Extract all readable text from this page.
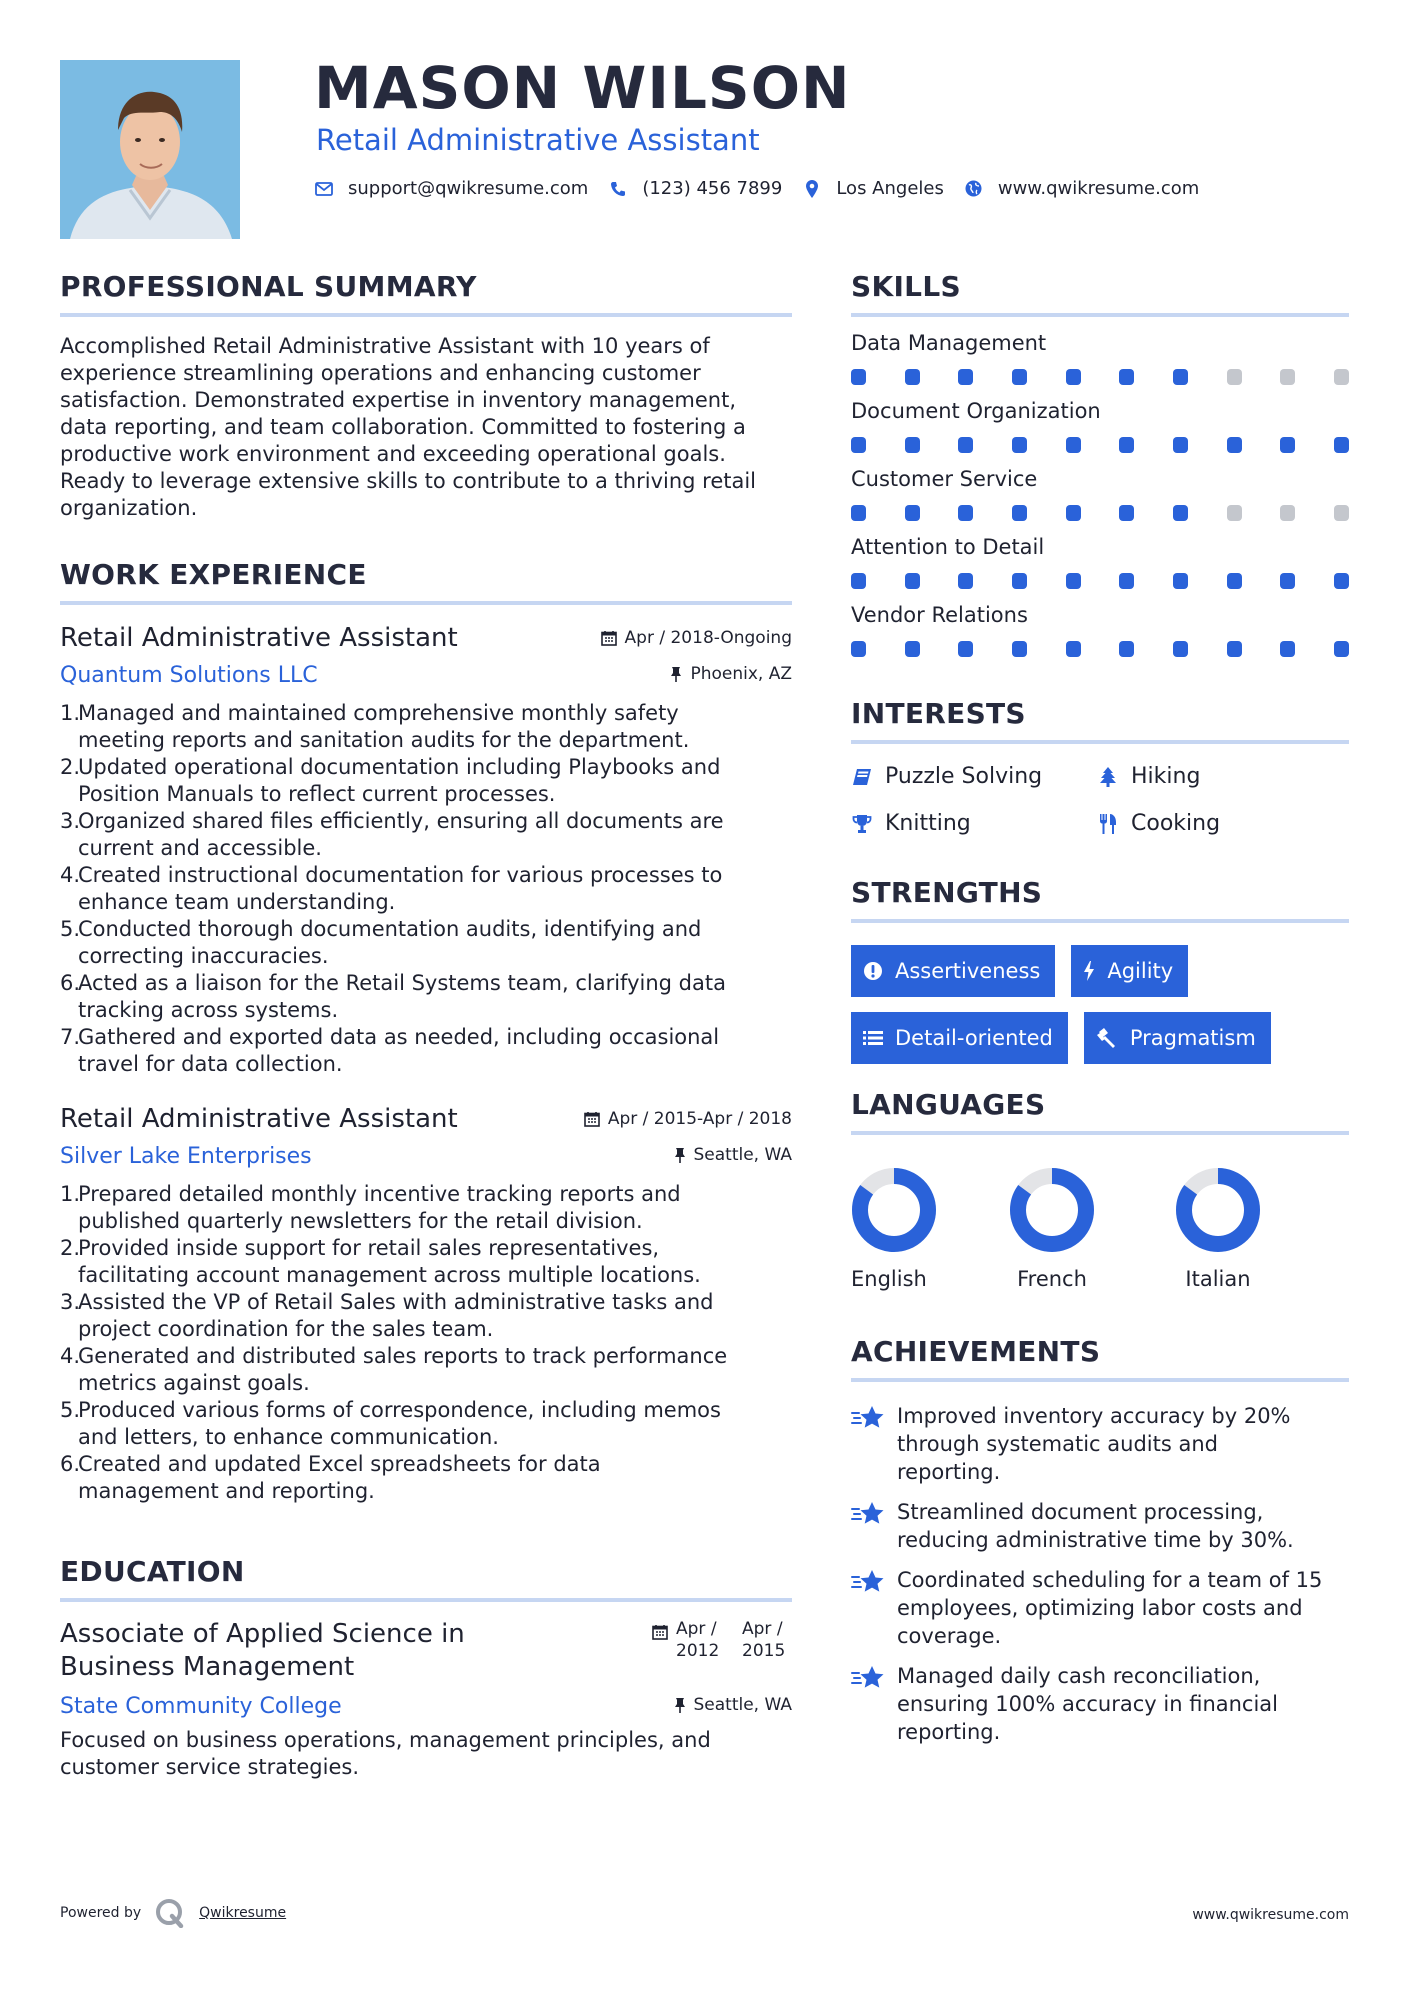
MASON WILSON
Retail Administrative Assistant
support@qwikresume.com	(123) 456 7899	Los Angeles	www.qwikresume.com
PROFESSIONAL SUMMARY
Accomplished Retail Administrative Assistant with 10 years of
experience streamlining operations and enhancing customer
satisfaction. Demonstrated expertise in inventory management,
data reporting, and team collaboration. Committed to fostering a
productive work environment and exceeding operational goals.
Ready to leverage extensive skills to contribute to a thriving retail
organization.
WORK EXPERIENCE
Retail Administrative Assistant	Apr / 2018-Ongoing
Quantum Solutions LLC	Phoenix, AZ
1.
Managed and maintained comprehensive monthly safety
meeting reports and sanitation audits for the department.
2.
Updated operational documentation including Playbooks and
Position Manuals to reflect current processes.
3.
Organized shared files efficiently, ensuring all documents are
current and accessible.
4.
Created instructional documentation for various processes to
enhance team understanding.
5.
Conducted thorough documentation audits, identifying and
correcting inaccuracies.
6.
Acted as a liaison for the Retail Systems team, clarifying data
tracking across systems.
7.
Gathered and exported data as needed, including occasional
travel for data collection.
Retail Administrative Assistant	Apr / 2015-Apr / 2018
Silver Lake Enterprises	Seattle, WA
1.
Prepared detailed monthly incentive tracking reports and
published quarterly newsletters for the retail division.
2.
Provided inside support for retail sales representatives,
facilitating account management across multiple locations.
3.
Assisted the VP of Retail Sales with administrative tasks and
project coordination for the sales team.
4.
Generated and distributed sales reports to track performance
metrics against goals.
5.
Produced various forms of correspondence, including memos
and letters, to enhance communication.
6.
Created and updated Excel spreadsheets for data
management and reporting.
EDUCATION
Associate of Applied Science in
Business Management
Apr /
2012
Apr /
2015
State Community College	Seattle, WA
Focused on business operations, management principles, and
customer service strategies.
SKILLS
Data Management
Document Organization
Customer Service
Attention to Detail
Vendor Relations
INTERESTS
Puzzle Solving	Hiking
Knitting	Cooking
STRENGTHS
Assertiveness	Agility
Detail-oriented	Pragmatism
LANGUAGES
English	French	Italian
ACHIEVEMENTS
Improved inventory accuracy by 20%
through systematic audits and
reporting.
Streamlined document processing,
reducing administrative time by 30%.
Coordinated scheduling for a team of 15
employees, optimizing labor costs and
coverage.
Managed daily cash reconciliation,
ensuring 100% accuracy in financial
reporting.
Powered by	Qwikresume	www.qwikresume.com
